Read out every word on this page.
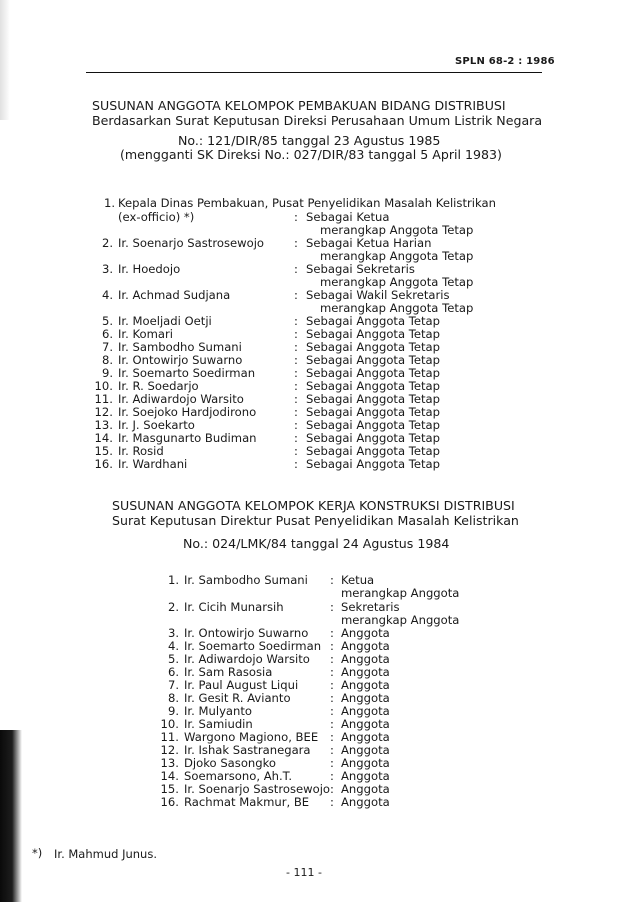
SPLN 68-2 : 1986
SUSUNAN ANGGOTA KELOMPOK PEMBAKUAN BIDANG DISTRIBUSI
Berdasarkan Surat Keputusan Direksi Perusahaan Umum Listrik Negara
No.: 121/DIR/85 tanggal 23 Agustus 1985
(mengganti SK Direksi No.: 027/DIR/83 tanggal 5 April 1983)
1. Kepala Dinas Pembakuan, Pusat Penyelidikan Masalah Kelistrikan
(ex-officio) *)	: Sebagai Ketua
merangkap Anggota Tetap
2. Ir. Soenarjo Sastrosewojo	: Sebagai Ketua Harian
merangkap Anggota Tetap
3. Ir. Hoedojo	: Sebagai Sekretaris
merangkap Anggota Tetap
4. Ir. Achmad Sudjana	: Sebagai Wakil Sekretaris
merangkap Anggota Tetap
5. Ir. Moeljadi Oetji	: Sebagai Anggota Tetap
6. Ir. Komari	: Sebagai Anggota Tetap
7. Ir. Sambodho Sumani	: Sebagai Anggota Tetap
8. Ir. Ontowirjo Suwarno	: Sebagai Anggota Tetap
9. Ir. Soemarto Soedirman	: Sebagai Anggota Tetap
10. Ir. R. Soedarjo	: Sebagai Anggota Tetap
11. Ir. Adiwardojo Warsito	: Sebagai Anggota Tetap
12. Ir. Soejoko Hardjodirono	: Sebagai Anggota Tetap
13. Ir. J. Soekarto	: Sebagai Anggota Tetap
14. Ir. Masgunarto Budiman	: Sebagai Anggota Tetap
15. Ir. Rosid	: Sebagai Anggota Tetap
16. Ir. Wardhani	: Sebagai Anggota Tetap
SUSUNAN ANGGOTA KELOMPOK KERJA KONSTRUKSI DISTRIBUSI
Surat Keputusan Direktur Pusat Penyelidikan Masalah Kelistrikan
No.: 024/LMK/84 tanggal 24 Agustus 1984
1. Ir. Sambodho Sumani : Ketua
merangkap Anggota
2. Ir. Cicih Munarsih	: Sekretaris
merangkap Anggota
3. Ir. Ontowirjo Suwarno : Anggota
4. Ir. Soemarto Soedirman : Anggota
5. Ir. Adiwardojo Warsito : Anggota
6. Ir. Sam Rasosia	: Anggota
7. Ir. Paul August Liqui	: Anggota
8. Ir. Gesit R. Avianto	: Anggota
9. Ir. Mulyanto	: Anggota
10. Ir. Samiudin	: Anggota
11. Wargono Magiono, BEE : Anggota
12. Ir. Ishak Sastranegara : Anggota
13. Djoko Sasongko	: Anggota
14. Soemarsono, Ah.T.	: Anggota
15. Ir. Soenarjo Sastrosewojo : Anggota
16. Rachmat Makmur, BE : Anggota
*) Ir. Mahmud Junus.
- 111 -
